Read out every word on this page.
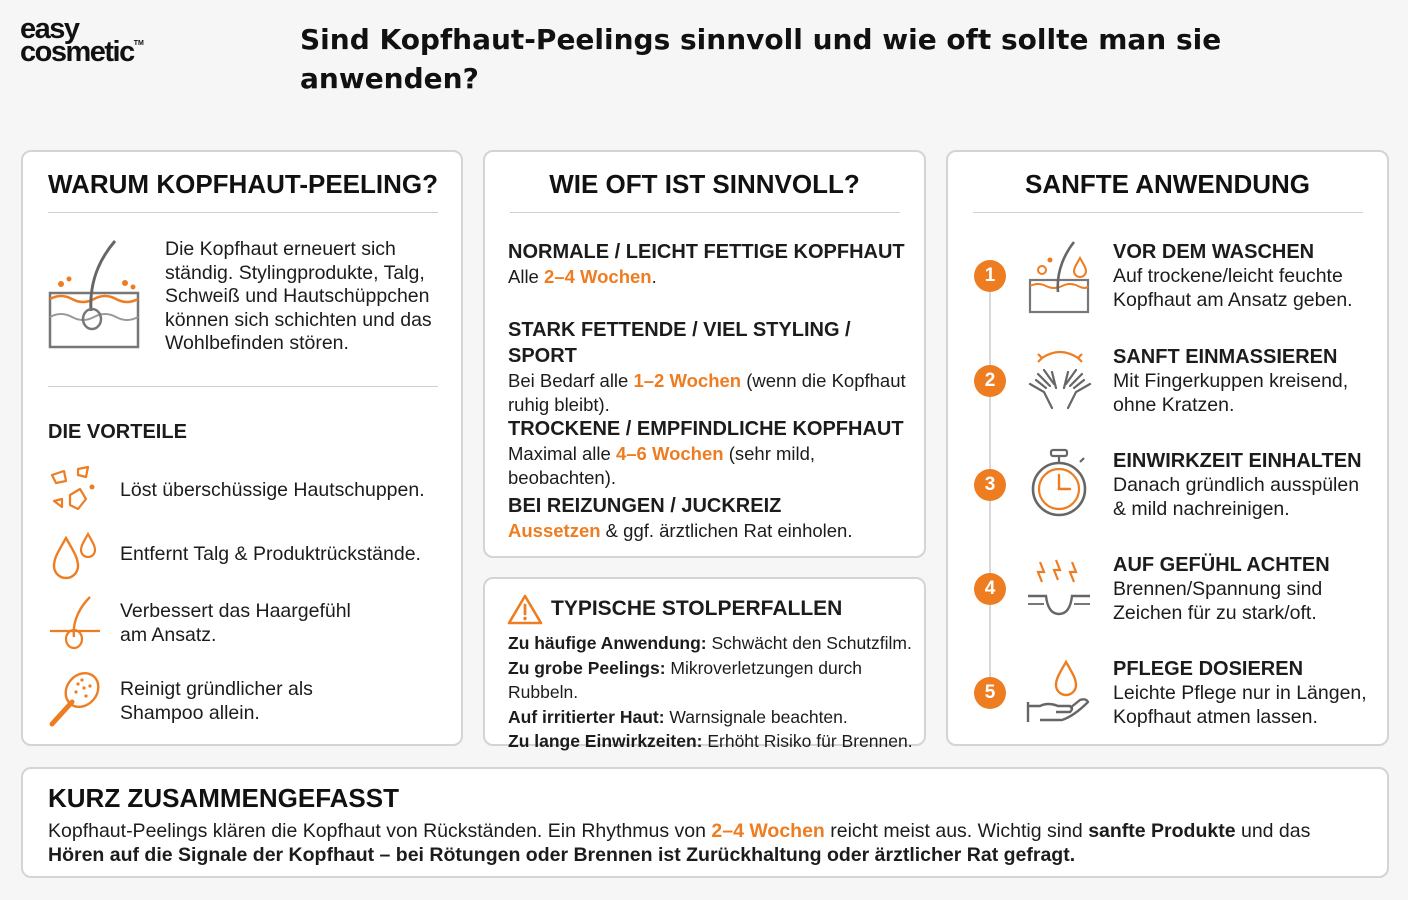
easy
cosmetic™	Sind Kopfhaut-Peelings sinnvoll und wie oft sollte man sie anwenden?
WARUM KOPFHAUT-PEELING?
Die Kopfhaut erneuert sich ständig. Stylingprodukte, Talg, Schweiß und Hautschüppchen können sich schichten und das Wohlbefinden stören.
DIE VORTEILE
Löst überschüssige Hautschuppen.
Entfernt Talg & Produktrückstände.
Verbessert das Haargefühl am Ansatz.
Reinigt gründlicher als Shampoo allein.
WIE OFT IST SINNVOLL?
NORMALE / LEICHT FETTIGE KOPFHAUT
Alle 2–4 Wochen.
STARK FETTENDE / VIEL STYLING / SPORT
Bei Bedarf alle 1–2 Wochen (wenn die Kopfhaut ruhig bleibt).
TROCKENE / EMPFINDLICHE KOPFHAUT
Maximal alle 4–6 Wochen (sehr mild, beobachten).
BEI REIZUNGEN / JUCKREIZ
Aussetzen & ggf. ärztlichen Rat einholen.
TYPISCHE STOLPERFALLEN
Zu häufige Anwendung: Schwächt den Schutzfilm.
Zu grobe Peelings: Mikroverletzungen durch Rubbeln.
Auf irritierter Haut: Warnsignale beachten.
Zu lange Einwirkzeiten: Erhöht Risiko für Brennen.
SANFTE ANWENDUNG
1
VOR DEM WASCHEN
Auf trockene/leicht feuchte Kopfhaut am Ansatz geben.
2
SANFT EINMASSIEREN
Mit Fingerkuppen kreisend, ohne Kratzen.
3
EINWIRKZEIT EINHALTEN
Danach gründlich ausspülen & mild nachreinigen.
4
AUF GEFÜHL ACHTEN
Brennen/Spannung sind Zeichen für zu stark/oft.
5
PFLEGE DOSIEREN
Leichte Pflege nur in Längen, Kopfhaut atmen lassen.
KURZ ZUSAMMENGEFASST
Kopfhaut-Peelings klären die Kopfhaut von Rückständen. Ein Rhythmus von 2–4 Wochen reicht meist aus. Wichtig sind sanfte Produkte und das
Hören auf die Signale der Kopfhaut – bei Rötungen oder Brennen ist Zurückhaltung oder ärztlicher Rat gefragt.
